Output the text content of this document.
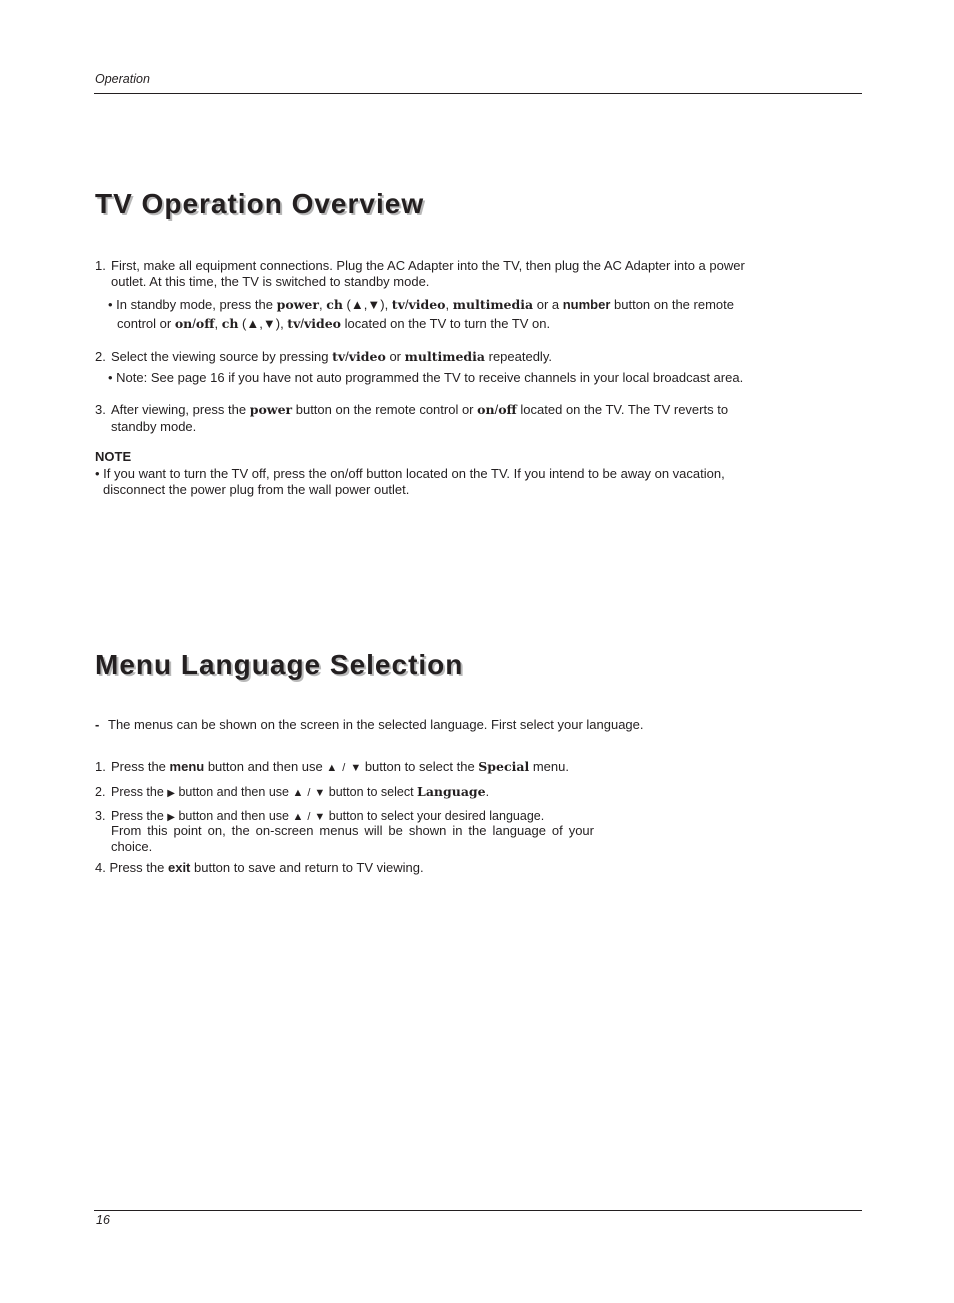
Operation
TV Operation Overview
1. First, make all equipment connections. Plug the AC Adapter into the TV, then plug the AC Adapter into a power
outlet. At this time, the TV is switched to standby mode.
• In standby mode, press the power, ch (▲,▼), tv/video, multimedia or a number button on the remote
control or on/off, ch (▲,▼), tv/video located on the TV to turn the TV on.
2. Select the viewing source by pressing tv/video or multimedia repeatedly.
• Note: See page 16 if you have not auto programmed the TV to receive channels in your local broadcast area.
3. After viewing, press the power button on the remote control or on/off located on the TV. The TV reverts to
standby mode.
NOTE
• If you want to turn the TV off, press the on/off button located on the TV. If you intend to be away on vacation,
disconnect the power plug from the wall power outlet.
Menu Language Selection
- The menus can be shown on the screen in the selected language. First select your language.
1. Press the menu button and then use ▲ / ▼ button to select the Special menu.
2. Press the ▶ button and then use ▲ / ▼ button to select Language.
3. Press the ▶ button and then use ▲ / ▼ button to select your desired language.
From this point on, the on-screen menus will be shown in the language of your
choice.
4. Press the exit button to save and return to TV viewing.
16
